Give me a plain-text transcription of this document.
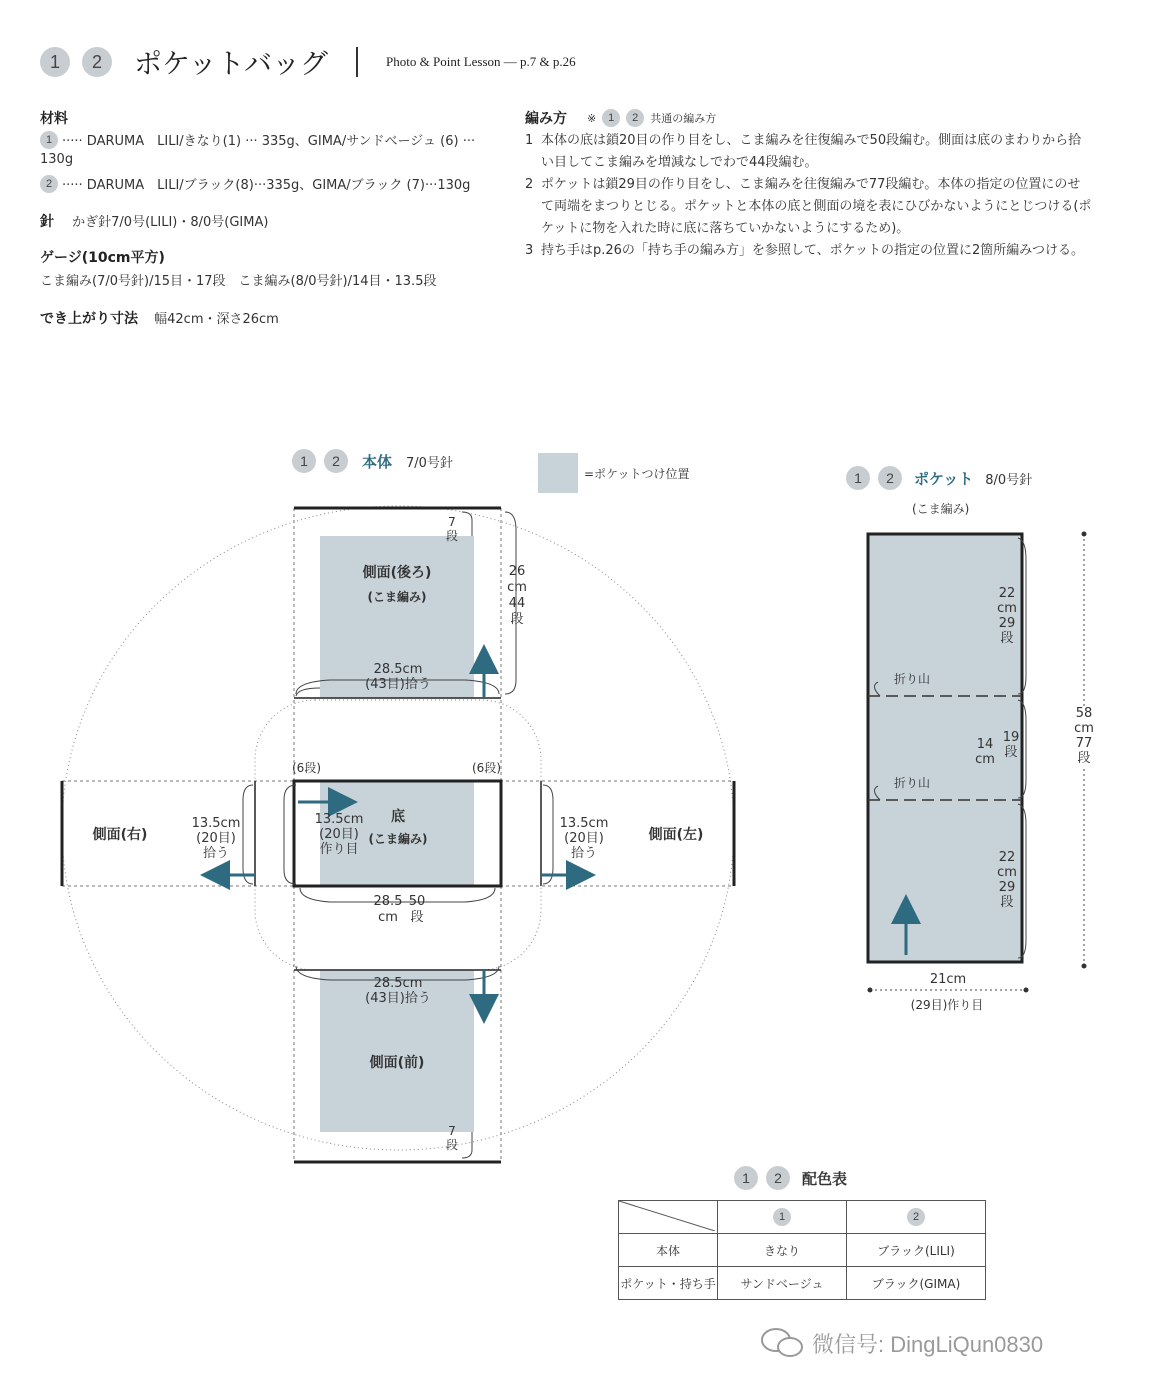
1	2	ポケットバッグ	Photo & Point Lesson — p.7 & p.26
材料
1 ····· DARUMA　LILI/きなり(1) ··· 335g、GIMA/サンドベージュ (6) ···
130g
2 ····· DARUMA　LILI/ブラック(8)···335g、GIMA/ブラック (7)···130g
針 かぎ針7/0号(LILI)・8/0号(GIMA)
ゲージ(10cm平方)
こま編み(7/0号針)/15目・17段　こま編み(8/0号針)/14目・13.5段
でき上がり寸法 幅42cm・深さ26cm
編み方 ※	1	2	共通の編み方
1 本体の底は鎖20目の作り目をし、こま編みを往復編みで50段編む。側面は底のまわりから拾
い目してこま編みを増減なしでわで44段編む。
2 ポケットは鎖29目の作り目をし、こま編みを往復編みで77段編む。本体の指定の位置にのせ
て両端をまつりとじる。ポケットと本体の底と側面の境を表にひびかないようにとじつける(ポ
ケットに物を入れた時に底に落ちていかないようにするため)。
3 持ち手はp.26の「持ち手の編み方」を参照して、ポケットの指定の位置に2箇所編みつける。
1	2	本体 7/0号針
=ポケットつけ位置	1	2	ポケット 8/0号針
(こま編み)
側面(後ろ)
(こま編み)
7
段
26
cm
44
段
28.5cm
(43目)拾う
(6段)	(6段)
底
(こま編み)
13.5cm
(20目)
作り目
28.5
cm
50
段
側面(右)
13.5cm
(20目)
拾う
側面(左)
13.5cm
(20目)
拾う
28.5cm
(43目)拾う
側面(前)
7
段
22
cm
29
段
折り山
14
cm
19
段
折り山
22
cm
29
段
58
cm
77
段
21cm
(29目)作り目
1	2	配色表
	1	2
本体	きなり	ブラック(LILI)
ポケット・持ち手	サンドベージュ	ブラック(GIMA)
微信号: DingLiQun0830
